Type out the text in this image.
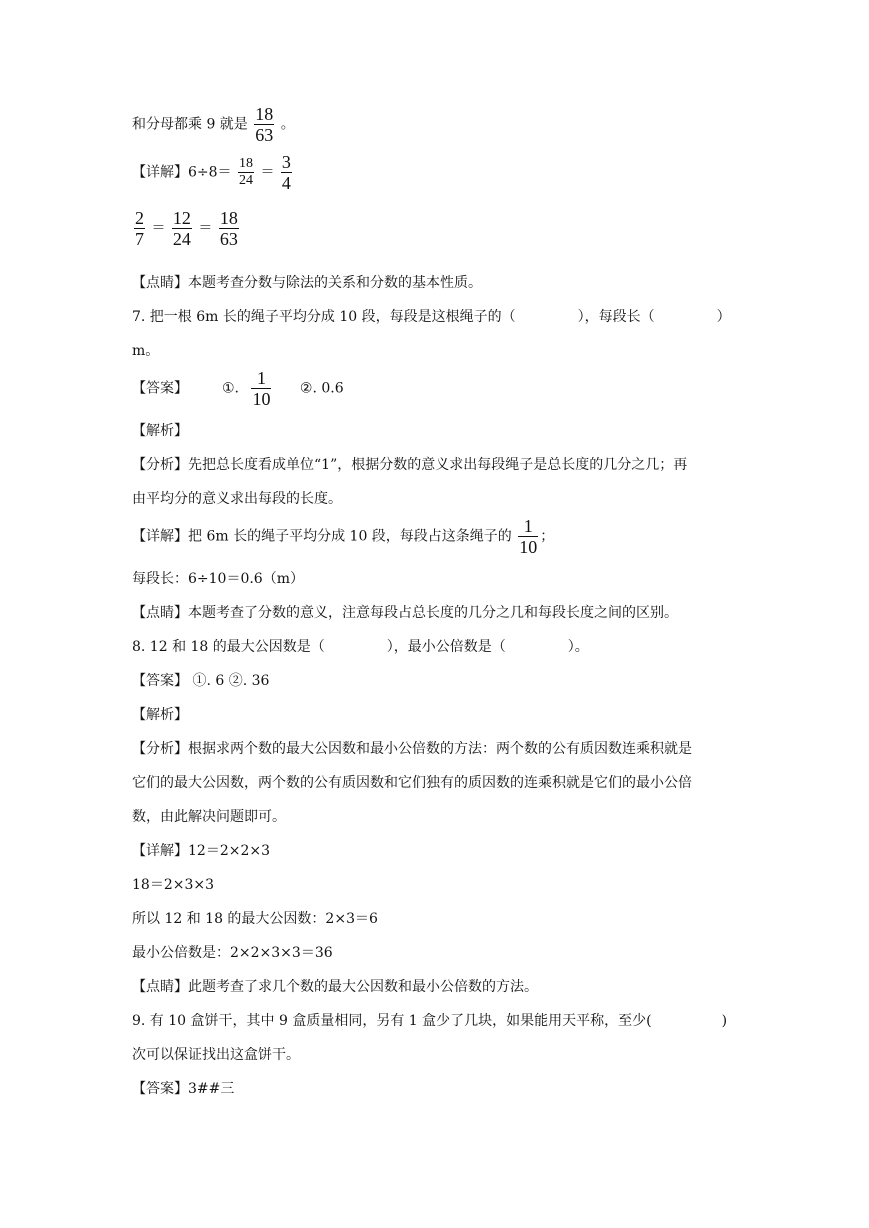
和分母都乘 9 就是 $\frac{18}{63}$ 。
【详解】$6\div 8= \frac{18}{24} = \frac{3}{4}$
$\frac{2}{7} = \frac{12}{24} = \frac{18}{63}$
【点睛】本题考查分数与除法的关系和分数的基本性质。
7. 把一根 6m 长的绳子平均分成 10 段，每段是这根绳子的（	），每段长（	）
m。
【答案】 ①. $\frac{1}{10}$ ②. 0.6
【解析】
【分析】先把总长度看成单位“1”，根据分数的意义求出每段绳子是总长度的几分之几；再
由平均分的意义求出每段的长度。
【详解】把 6m 长的绳子平均分成 10 段，每段占这条绳子的 $\frac{1}{10}$ ；
每段长：6÷10＝0.6（m）
【点睛】本题考查了分数的意义，注意每段占总长度的几分之几和每段长度之间的区别。
8. 12 和 18 的最大公因数是（	），最小公倍数是（	）。
【答案】 ①. 6 ②. 36
【解析】
【分析】根据求两个数的最大公因数和最小公倍数的方法：两个数的公有质因数连乘积就是
它们的最大公因数，两个数的公有质因数和它们独有的质因数的连乘积就是它们的最小公倍
数，由此解决问题即可。
【详解】12＝2×2×3
18＝2×3×3
所以 12 和 18 的最大公因数：2×3＝6
最小公倍数是：2×2×3×3＝36
【点睛】此题考查了求几个数的最大公因数和最小公倍数的方法。
9. 有 10 盒饼干，其中 9 盒质量相同，另有 1 盒少了几块，如果能用天平称，至少(	)
次可以保证找出这盒饼干。
【答案】3##三
